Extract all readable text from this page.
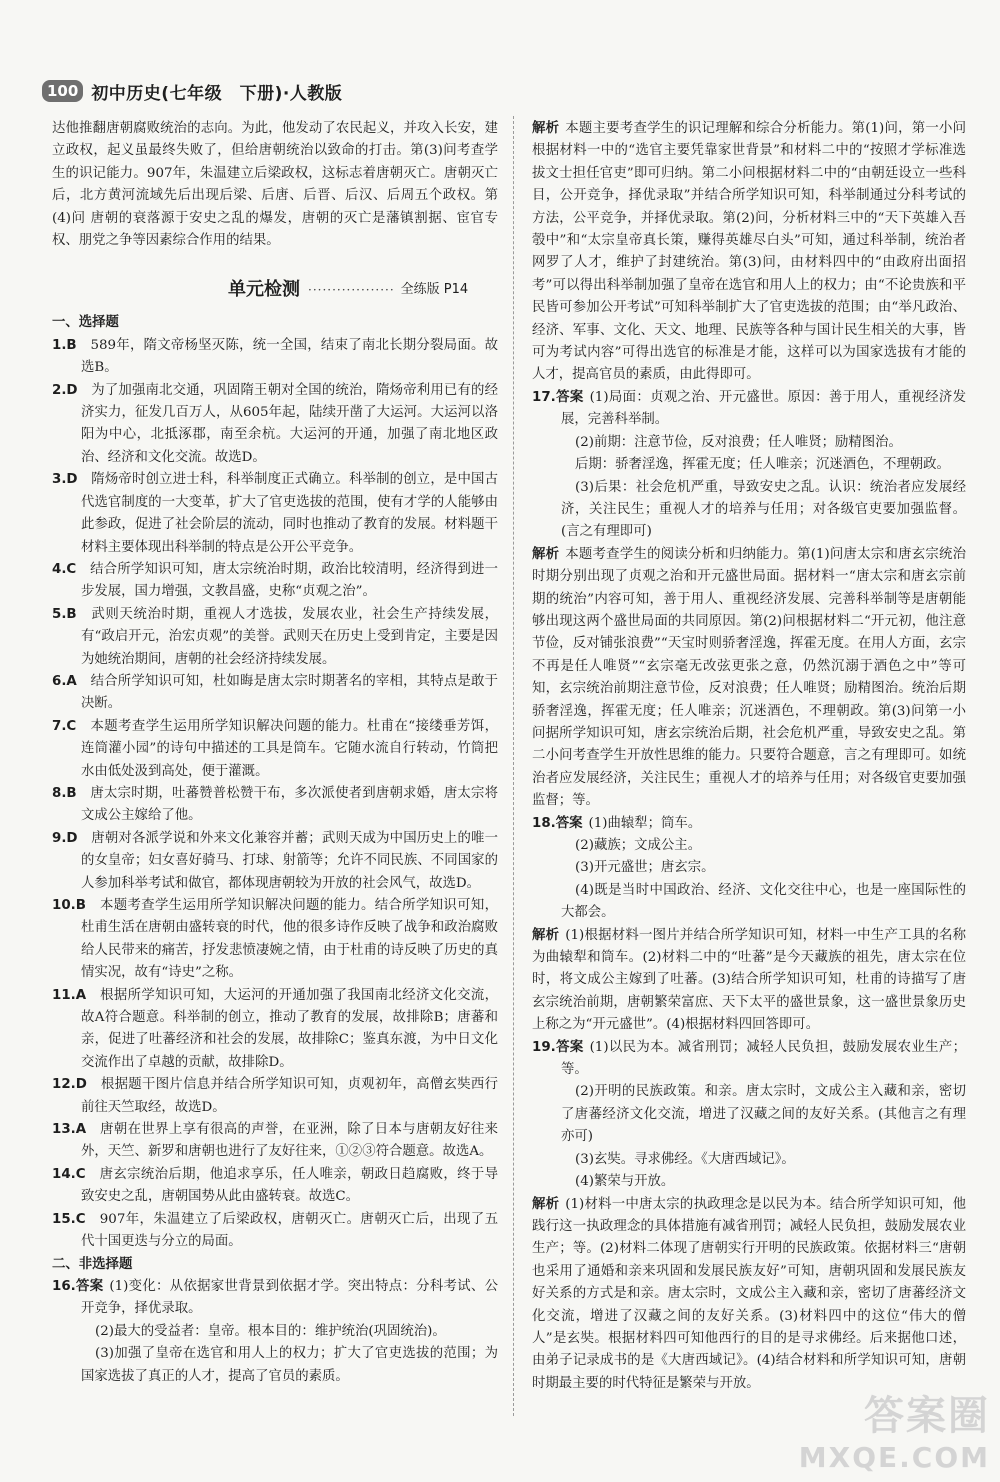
100 初中历史(七年级　下册)·人教版

达他推翻唐朝腐败统治的志向。为此，他发动了农民起义，并攻入长安，建立政权，起义虽最终失败了，但给唐朝统治以致命的打击。第(3)问考查学生的识记能力。907年，朱温建立后梁政权，这标志着唐朝灭亡。唐朝灭亡后，北方黄河流域先后出现后梁、后唐、后晋、后汉、后周五个政权。第(4)问 唐朝的衰落源于安史之乱的爆发，唐朝的灭亡是藩镇割据、宦官专权、朋党之争等因素综合作用的结果。

单元检测 ·················· 全练版 P14

一、选择题

1.B　 589年，隋文帝杨坚灭陈，统一全国，结束了南北长期分裂局面。故选B。

2.D　 为了加强南北交通，巩固隋王朝对全国的统治，隋炀帝利用已有的经济实力，征发几百万人，从605年起，陆续开凿了大运河。大运河以洛阳为中心，北抵涿郡，南至余杭。大运河的开通，加强了南北地区政治、经济和文化交流。故选D。

3.D　 隋炀帝时创立进士科，科举制度正式确立。科举制的创立，是中国古代选官制度的一大变革，扩大了官吏选拔的范围，使有才学的人能够由此参政，促进了社会阶层的流动，同时也推动了教育的发展。材料题干材料主要体现出科举制的特点是公开公平竞争。

4.C　 结合所学知识可知，唐太宗统治时期，政治比较清明，经济得到进一步发展，国力增强，文教昌盛，史称“贞观之治”。

5.B　 武则天统治时期，重视人才选拔，发展农业，社会生产持续发展，有“政启开元，治宏贞观”的美誉。武则天在历史上受到肯定，主要是因为她统治期间，唐朝的社会经济持续发展。

6.A　 结合所学知识可知，杜如晦是唐太宗时期著名的宰相，其特点是敢于决断。

7.C　 本题考查学生运用所学知识解决问题的能力。杜甫在“接缕垂芳饵，连筒灌小园”的诗句中描述的工具是筒车。它随水流自行转动，竹筒把水由低处汲到高处，便于灌溉。

8.B　 唐太宗时期，吐蕃赞普松赞干布，多次派使者到唐朝求婚，唐太宗将文成公主嫁给了他。

9.D　 唐朝对各派学说和外来文化兼容并蓄；武则天成为中国历史上的唯一的女皇帝；妇女喜好骑马、打球、射箭等；允许不同民族、不同国家的人参加科举考试和做官，都体现唐朝较为开放的社会风气，故选D。

10.B　 本题考查学生运用所学知识解决问题的能力。结合所学知识可知，杜甫生活在唐朝由盛转衰的时代，他的很多诗作反映了战争和政治腐败给人民带来的痛苦，抒发悲愤凄婉之情，由于杜甫的诗反映了历史的真情实况，故有“诗史”之称。

11.A　 根据所学知识可知，大运河的开通加强了我国南北经济文化交流，故A符合题意。科举制的创立，推动了教育的发展，故排除B；唐蕃和亲，促进了吐蕃经济和社会的发展，故排除C；鉴真东渡，为中日文化交流作出了卓越的贡献，故排除D。

12.D　 根据题干图片信息并结合所学知识可知，贞观初年，高僧玄奘西行前往天竺取经，故选D。

13.A　 唐朝在世界上享有很高的声誉，在亚洲，除了日本与唐朝友好往来外，天竺、新罗和唐朝也进行了友好往来，①②③符合题意。故选A。

14.C　 唐玄宗统治后期，他追求享乐，任人唯亲，朝政日趋腐败，终于导致安史之乱，唐朝国势从此由盛转衰。故选C。

15.C　 907年，朱温建立了后梁政权，唐朝灭亡。唐朝灭亡后，出现了五代十国更迭与分立的局面。

二、非选择题

16.答案 (1)变化：从依据家世背景到依据才学。突出特点：分科考试、公开竞争，择优录取。

(2)最大的受益者：皇帝。根本目的：维护统治(巩固统治)。

(3)加强了皇帝在选官和用人上的权力；扩大了官吏选拔的范围；为国家选拔了真正的人才，提高了官员的素质。

解析 本题主要考查学生的识记理解和综合分析能力。第(1)问，第一小问根据材料一中的“选官主要凭靠家世背景”和材料二中的“按照才学标准选拔文士担任官吏”即可归纳。第二小问根据材料二中的“由朝廷设立一些科目，公开竞争，择优录取”并结合所学知识可知，科举制通过分科考试的方法，公平竞争，并择优录取。第(2)问，分析材料三中的“天下英雄入吾彀中”和“太宗皇帝真长策，赚得英雄尽白头”可知，通过科举制，统治者网罗了人才，维护了封建统治。第(3)问，由材料四中的“由政府出面招考”可以得出科举制加强了皇帝在选官和用人上的权力；由“不论贵族和平民皆可参加公开考试”可知科举制扩大了官吏选拔的范围；由“举凡政治、经济、军事、文化、天文、地理、民族等各种与国计民生相关的大事，皆可为考试内容”可得出选官的标准是才能，这样可以为国家选拔有才能的人才，提高官员的素质，由此得即可。

17.答案 (1)局面：贞观之治、开元盛世。原因：善于用人，重视经济发展，完善科举制。

(2)前期：注意节俭，反对浪费；任人唯贤；励精图治。

后期：骄奢淫逸，挥霍无度；任人唯亲；沉迷酒色，不理朝政。

(3)后果：社会危机严重，导致安史之乱。认识：统治者应发展经济，关注民生；重视人才的培养与任用；对各级官吏要加强监督。(言之有理即可)

解析 本题考查学生的阅读分析和归纳能力。第(1)问唐太宗和唐玄宗统治时期分别出现了贞观之治和开元盛世局面。据材料一“唐太宗和唐玄宗前期的统治”内容可知，善于用人、重视经济发展、完善科举制等是唐朝能够出现这两个盛世局面的共同原因。第(2)问根据材料二“开元初，他注意节俭，反对铺张浪费”“天宝时则骄奢淫逸，挥霍无度。在用人方面，玄宗不再是任人唯贤”“玄宗毫无改弦更张之意，仍然沉溺于酒色之中”等可知，玄宗统治前期注意节俭，反对浪费；任人唯贤；励精图治。统治后期骄奢淫逸，挥霍无度；任人唯亲；沉迷酒色，不理朝政。第(3)问第一小问据所学知识可知，唐玄宗统治后期，社会危机严重，导致安史之乱。第二小问考查学生开放性思维的能力。只要符合题意，言之有理即可。如统治者应发展经济，关注民生；重视人才的培养与任用；对各级官吏要加强监督；等。

18.答案 (1)曲辕犁；筒车。

(2)藏族；文成公主。

(3)开元盛世；唐玄宗。

(4)既是当时中国政治、经济、文化交往中心，也是一座国际性的大都会。

解析 (1)根据材料一图片并结合所学知识可知，材料一中生产工具的名称为曲辕犁和筒车。(2)材料二中的“吐蕃”是今天藏族的祖先，唐太宗在位时，将文成公主嫁到了吐蕃。(3)结合所学知识可知，杜甫的诗描写了唐玄宗统治前期，唐朝繁荣富庶、天下太平的盛世景象，这一盛世景象历史上称之为“开元盛世”。(4)根据材料四回答即可。

19.答案 (1)以民为本。减省刑罚；减轻人民负担，鼓励发展农业生产；等。

(2)开明的民族政策。和亲。唐太宗时，文成公主入藏和亲，密切了唐蕃经济文化交流，增进了汉藏之间的友好关系。(其他言之有理亦可)

(3)玄奘。寻求佛经。《大唐西域记》。

(4)繁荣与开放。

解析 (1)材料一中唐太宗的执政理念是以民为本。结合所学知识可知，他践行这一执政理念的具体措施有减省刑罚；减轻人民负担，鼓励发展农业生产；等。(2)材料二体现了唐朝实行开明的民族政策。依据材料三“唐朝也采用了通婚和亲来巩固和发展民族友好”可知，唐朝巩固和发展民族友好关系的方式是和亲。唐太宗时，文成公主入藏和亲，密切了唐蕃经济文化交流，增进了汉藏之间的友好关系。(3)材料四中的这位“伟大的僧人”是玄奘。根据材料四可知他西行的目的是寻求佛经。后来据他口述，由弟子记录成书的是《大唐西域记》。(4)结合材料和所学知识可知，唐朝时期最主要的时代特征是繁荣与开放。

答案圈
MXQE.COM
